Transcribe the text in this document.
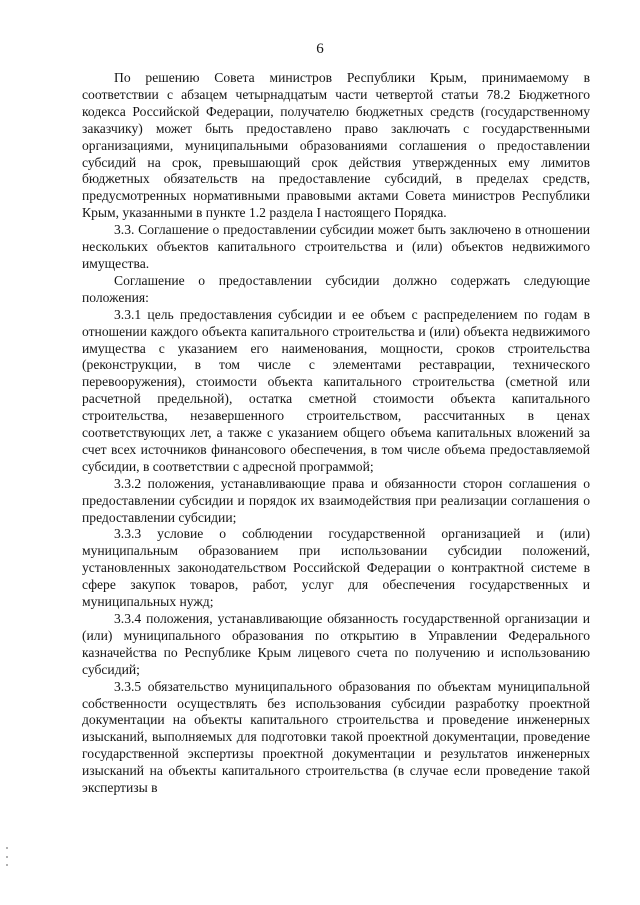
6

По решению Совета министров Республики Крым, принимаемому в соответствии с абзацем четырнадцатым части четвертой статьи 78.2 Бюджетного кодекса Российской Федерации, получателю бюджетных средств (государственному заказчику) может быть предоставлено право заключать с государственными организациями, муниципальными образованиями соглашения о предоставлении субсидий на срок, превышающий срок действия утвержденных ему лимитов бюджетных обязательств на предоставление субсидий, в пределах средств, предусмотренных нормативными правовыми актами Совета министров Республики Крым, указанными в пункте 1.2 раздела I настоящего Порядка.

3.3. Соглашение о предоставлении субсидии может быть заключено в отношении нескольких объектов капитального строительства и (или) объектов недвижимого имущества.

Соглашение о предоставлении субсидии должно содержать следующие положения:

3.3.1 цель предоставления субсидии и ее объем с распределением по годам в отношении каждого объекта капитального строительства и (или) объекта недвижимого имущества с указанием его наименования, мощности, сроков строительства (реконструкции, в том числе с элементами реставрации, технического перевооружения), стоимости объекта капитального строительства (сметной или расчетной предельной), остатка сметной стоимости объекта капитального строительства, незавершенного строительством, рассчитанных в ценах соответствующих лет, а также с указанием общего объема капитальных вложений за счет всех источников финансового обеспечения, в том числе объема предоставляемой субсидии, в соответствии с адресной программой;

3.3.2 положения, устанавливающие права и обязанности сторон соглашения о предоставлении субсидии и порядок их взаимодействия при реализации соглашения о предоставлении субсидии;

3.3.3 условие о соблюдении государственной организацией и (или) муниципальным образованием при использовании субсидии положений, установленных законодательством Российской Федерации о контрактной системе в сфере закупок товаров, работ, услуг для обеспечения государственных и муниципальных нужд;

3.3.4 положения, устанавливающие обязанность государственной организации и (или) муниципального образования по открытию в Управлении Федерального казначейства по Республике Крым лицевого счета по получению и использованию субсидий;

3.3.5 обязательство муниципального образования по объектам муниципальной собственности осуществлять без использования субсидии разработку проектной документации на объекты капитального строительства и проведение инженерных изысканий, выполняемых для подготовки такой проектной документации, проведение государственной экспертизы проектной документации и результатов инженерных изысканий на объекты капитального строительства (в случае если проведение такой экспертизы в
